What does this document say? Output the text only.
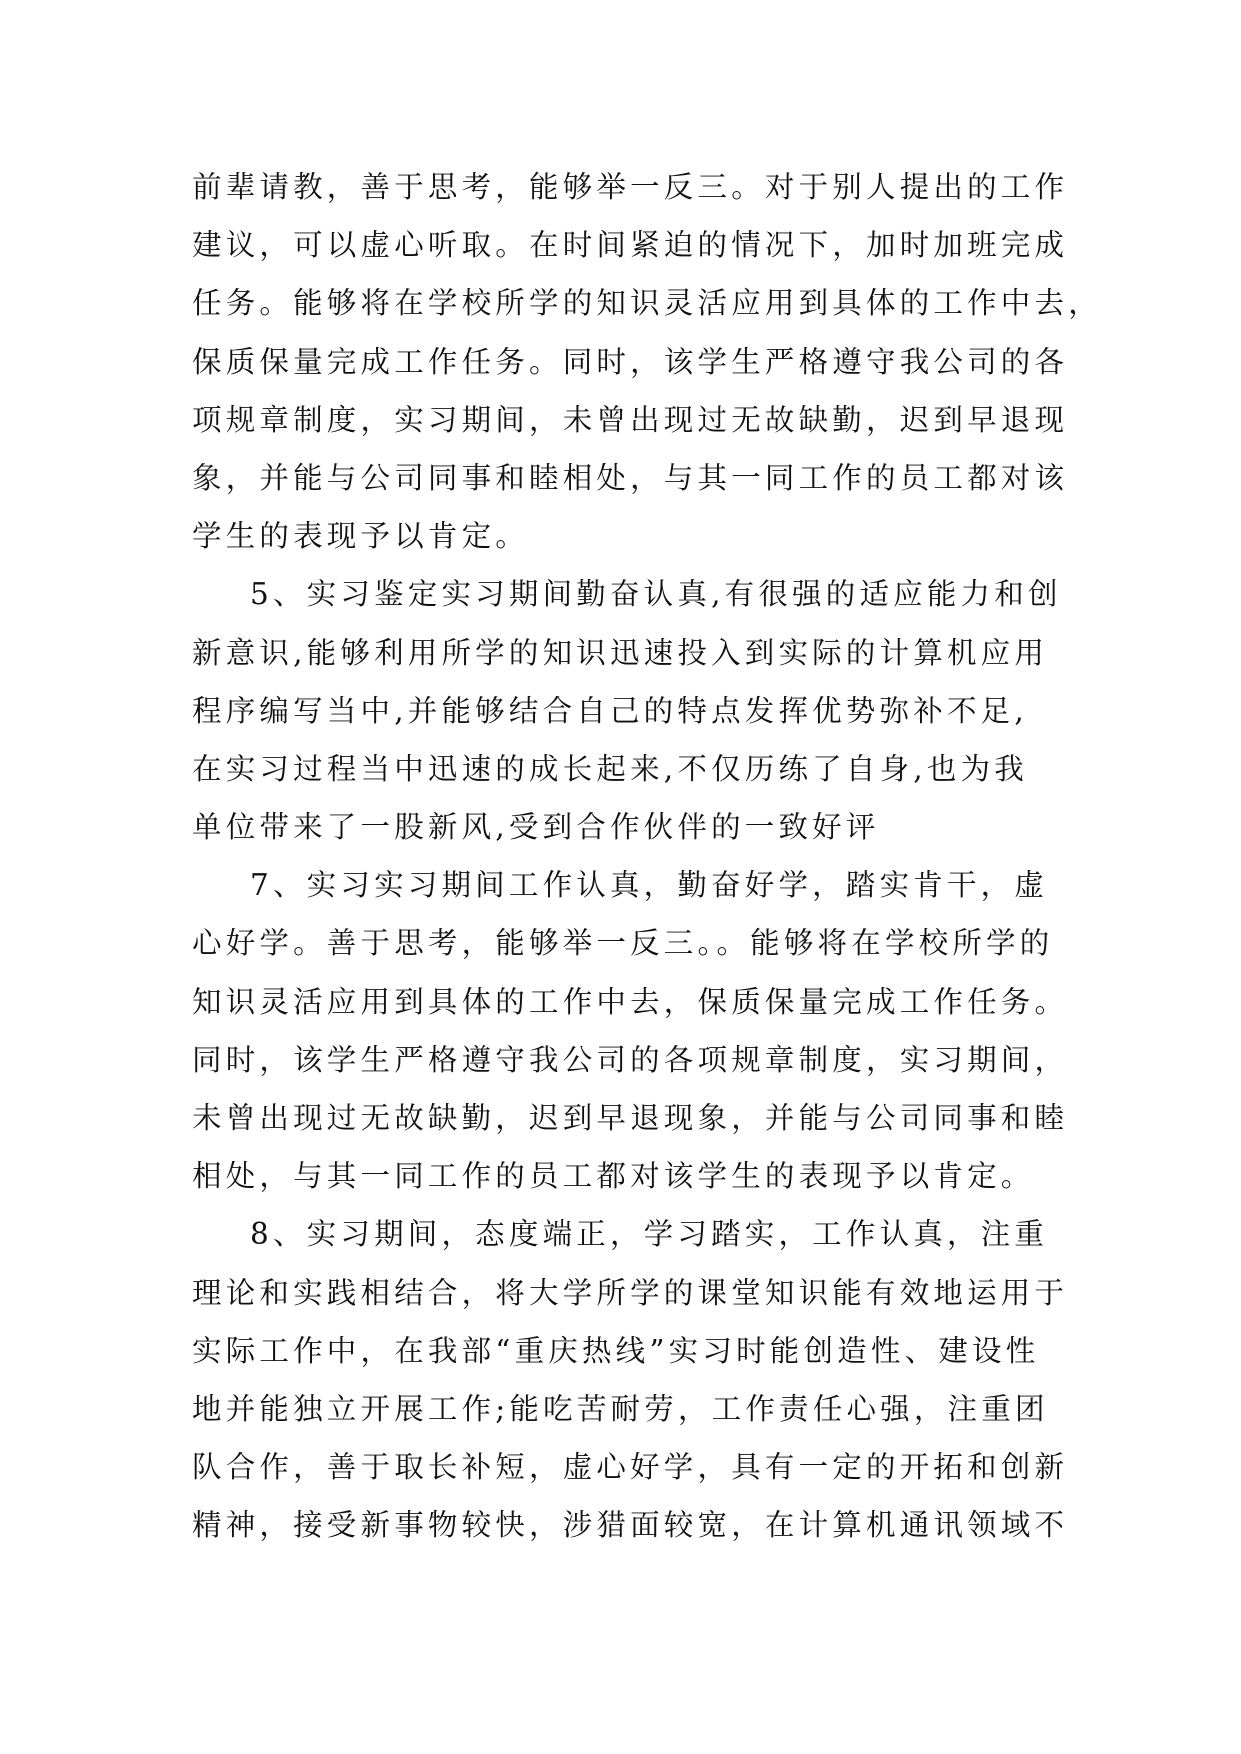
前辈请教，善于思考，能够举一反三。对于别人提出的工作
建议，可以虚心听取。在时间紧迫的情况下，加时加班完成
任务。能够将在学校所学的知识灵活应用到具体的工作中去，
保质保量完成工作任务。同时，该学生严格遵守我公司的各
项规章制度，实习期间，未曾出现过无故缺勤，迟到早退现
象，并能与公司同事和睦相处，与其一同工作的员工都对该
学生的表现予以肯定。
5、实习鉴定实习期间勤奋认真,有很强的适应能力和创
新意识,能够利用所学的知识迅速投入到实际的计算机应用
程序编写当中,并能够结合自己的特点发挥优势弥补不足,
在实习过程当中迅速的成长起来,不仅历练了自身,也为我
单位带来了一股新风,受到合作伙伴的一致好评
7、实习实习期间工作认真，勤奋好学，踏实肯干，虚
心好学。善于思考，能够举一反三。。能够将在学校所学的
知识灵活应用到具体的工作中去，保质保量完成工作任务。
同时，该学生严格遵守我公司的各项规章制度，实习期间，
未曾出现过无故缺勤，迟到早退现象，并能与公司同事和睦
相处，与其一同工作的员工都对该学生的表现予以肯定。
8、实习期间，态度端正，学习踏实，工作认真，注重
理论和实践相结合，将大学所学的课堂知识能有效地运用于
实际工作中，在我部“重庆热线”实习时能创造性、建设性
地并能独立开展工作;能吃苦耐劳，工作责任心强，注重团
队合作，善于取长补短，虚心好学，具有一定的开拓和创新
精神，接受新事物较快，涉猎面较宽，在计算机通讯领域不
